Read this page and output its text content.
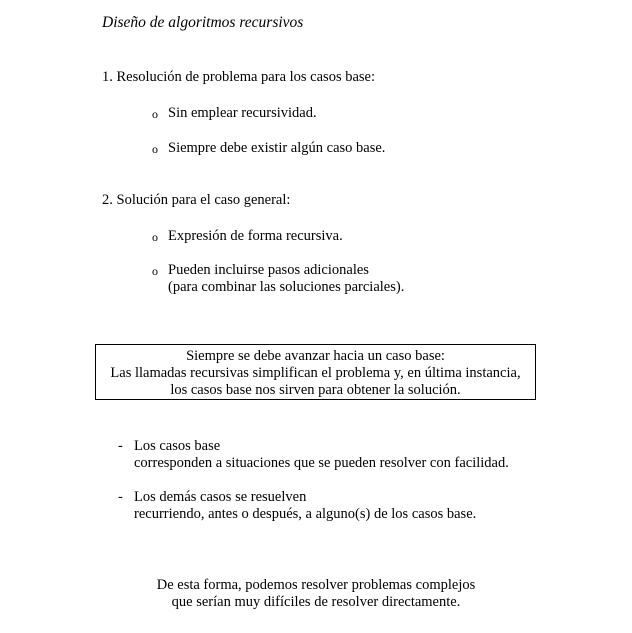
Diseño de algoritmos recursivos
1. Resolución de problema para los casos base:
o Sin emplear recursividad.
o Siempre debe existir algún caso base.
2. Solución para el caso general:
o Expresión de forma recursiva.
o Pueden incluirse pasos adicionales
(para combinar las soluciones parciales).
Siempre se debe avanzar hacia un caso base:
Las llamadas recursivas simplifican el problema y, en última instancia,
los casos base nos sirven para obtener la solución.
- Los casos base
corresponden a situaciones que se pueden resolver con facilidad.
- Los demás casos se resuelven
recurriendo, antes o después, a alguno(s) de los casos base.
De esta forma, podemos resolver problemas complejos
que serían muy difíciles de resolver directamente.
